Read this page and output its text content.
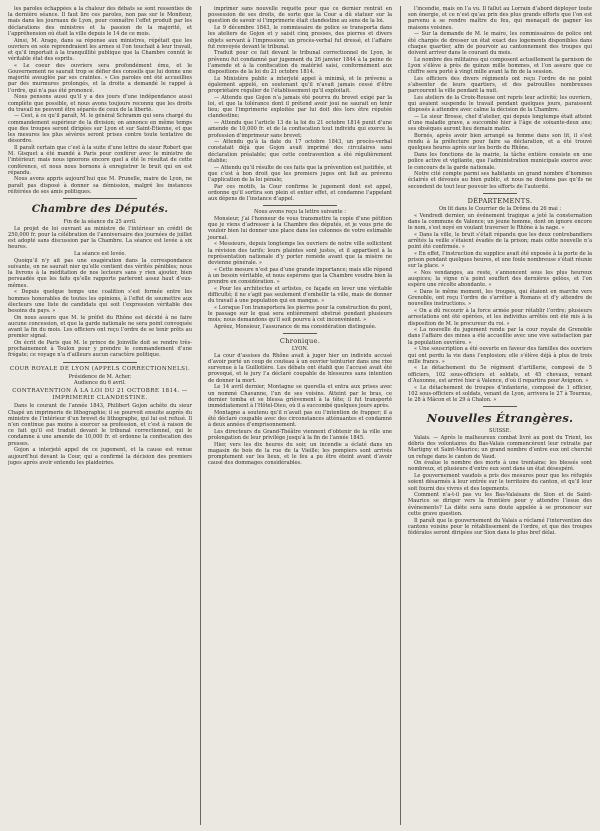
les paroles échappées à la chaleur des débats se sont ressenties de la dernière séance. Il faut lire ces paroles, non pas sur le Moniteur, mais dans les journaux de Lyon, pour connaître l’effet produit par les déclarations des ministres et la passion de la majorité, et l’appréhension où était la ville depuis le 14 de ce mois.

Ainsi, M. Arago, dans sa réponse aux ministres, répétait que les ouvriers en soie reprendraient les armes si l’on touchait à leur travail, et qu’il importait à la tranquillité publique que la Chambre connût le véritable état des esprits.

« Le coeur des ouvriers sera profondément ému, et le Gouvernement ne saurait trop se défier des conseils que lui donne une majorité aveuglée par ses craintes. » Ces paroles ont été accueillies par des murmures prolongés, et la droite a demandé le rappel à l’ordre, qui n’a pas été prononcé.

Nous pensons aussi qu’il y a des jours d’une indépendance aussi complète que possible, et nous avons toujours reconnu que les droits du travail ne peuvent être séparés de ceux de la liberté.

— Cest, à ce qu’il paraît, M. le général Schramm qui sera chargé du commandement supérieur de la division; on annonce en même temps que des troupes seront dirigées sur Lyon et sur Saint-Étienne, et que les mesures les plus sévères seront prises contre toute tentative de désordre.

Il paraît certain que c’est à la suite d’une lettre du sieur Robert que M. Gisquet a été mandé à Paris pour conférer avec le ministre de l’intérieur; mais nous ignorons encore quel a été le résultat de cette conférence, et nous nous bornons à enregistrer le bruit qui en est répandu.

Nous avons appris aujourd’hui que M. Prunelle, maire de Lyon, ne paraît pas disposé à donner sa démission, malgré les instances réitérées de ses amis politiques.

Chambre des Députés.

Fin de la séance du 25 avril.

Le projet de loi ouvrant au ministre de l’intérieur un crédit de 250,000 fr. pour la célébration de l’anniversaire des journées de juillet est adopté sans discussion par la Chambre. La séance est levée à six heures.

La séance est levée.

Quoiqu’il n’y ait pas une exagération dans la correspondance suivante, on ne saurait nier qu’elle contient des vérités pénibles; nous la livrons à la méditation de nos lecteurs sans y rien ajouter, bien persuadés que les faits qu’elle rapporte parleront assez haut d’eux-mêmes.

« Depuis quelque temps une coalition s’est formée entre les hommes honorables de toutes les opinions, à l’effet de soumettre aux électeurs une liste de candidats qui soit l’expression véritable des besoins du pays. »

On nous assure que M. le préfet du Rhône est décidé à ne faire aucune concession, et que la garde nationale ne sera point convoquée avant la fin du mois. Les officiers ont reçu l’ordre de se tenir prêts au premier signal.

On écrit de Paris que M. le prince de Joinville doit se rendre très-prochainement à Toulon pour y prendre le commandement d’une frégate; ce voyage n’a d’ailleurs aucun caractère politique.

COUR ROYALE DE LYON (APPELS CORRECTIONNELS).

Présidence de M. Acher.

Audience du 6 avril.

CONTRAVENTION À LA LOI DU 21 OCTOBRE 1814. — IMPRIMERIE CLANDESTINE.

Dans le courant de l’année 1843, Philibert Gojon achète du sieur Chapé un imprimerie de lithographie; il se pourvoit ensuite auprès du ministre de l’intérieur d’un brevet de lithographe, qui lui est refusé. Il n’en continue pas moins à exercer sa profession, et c’est à raison de ce fait qu’il est traduit devant le tribunal correctionnel, qui le condamne à une amende de 10,000 fr. et ordonne la confiscation des presses.

Gojon a interjeté appel de ce jugement, et la cause est venue aujourd’hui devant la Cour, qui a confirmé la décision des premiers juges après avoir entendu les plaidoiries.

imprimer sans nouvelle requête pour que ce dernier rentrât en possession de ses droits, de sorte que la Cour a dû statuer sur la question de savoir si l’imprimerie était clandestine au sens de la loi.

Le 9 décembre 1843, le commissaire de police se transporta dans les ateliers de Gojon et y saisit cinq presses, des pierres et divers objets servant à l’impression; un procès-verbal fut dressé, et l’affaire fut renvoyée devant le tribunal.

Traduit pour ce fait devant le tribunal correctionnel de Lyon, le prévenu fut condamné par jugement du 26 janvier 1844 à la peine de l’amende et à la confiscation du matériel saisi, conformément aux dispositions de la loi du 21 octobre 1814.

Le Ministère public a interjeté appel à minimâ, et le prévenu a également appelé, en soutenant qu’il n’avait jamais cessé d’être propriétaire régulier de l’établissement qu’il exploitait.

— Attendu que Gojon n’a jamais été pourvu du brevet exigé par la loi, et que la tolérance dont il prétend avoir joui ne saurait en tenir lieu; que l’imprimerie exploitée par lui doit dès lors être réputée clandestine;

— Attendu que l’article 13 de la loi du 21 octobre 1814 punit d’une amende de 10,000 fr. et de la confiscation tout individu qui exerce la profession d’imprimeur sans brevet;

— Attendu qu’à la date du 17 octobre 1843, un procès-verbal constatait déjà que Gojon avait imprimé des circulaires sans déclaration préalable; que cette contravention a été régulièrement établie;

— Attendu qu’il résulte de ces faits que la prévention est justifiée, et que c’est à bon droit que les premiers juges ont fait au prévenu l’application de la loi pénale;

Par ces motifs, la Cour confirme le jugement dont est appel, ordonne qu’il sortira son plein et entier effet, et condamne l’appelant aux dépens de l’instance d’appel.

Nous avons reçu la lettre suivante :

Monsieur, j’ai l’honneur de vous transmettre la copie d’une pétition que je viens d’adresser à la Chambre des députés, et je vous prie de vouloir bien lui donner une place dans les colonnes de votre estimable journal.

« Messieurs, depuis longtemps les ouvriers de notre ville sollicitent la révision des tarifs; leurs plaintes sont justes, et il appartient à la représentation nationale d’y porter remède avant que la misère ne devienne générale. »

« Cette mesure n’est pas d’une grande importance; mais elle répond à un besoin véritable, et nous espérons que la Chambre voudra bien la prendre en considération. »

« Pour les architectes et artistes, ce façade en lever une véritable difficulté; il ne s’agit pas seulement d’embellir la ville, mais de donner du travail à une population qui en manque. »

« Lorsque l’on transportera les pierres pour la construction du pont, le passage sur le quai sera entièrement obstrué pendant plusieurs mois; nous demandons qu’il soit pourvu à cet inconvénient. »

Agréez, Monsieur, l’assurance de ma considération distinguée.

Chronique.

LYON.

La cour d’assises du Rhône avait à juger hier un individu accusé d’avoir porté un coup de couteau à un ouvrier teinturier dans une rixe survenue à la Guillotière. Les débats ont établi que l’accusé avait été provoqué, et le jury l’a déclaré coupable de blessures sans intention de donner la mort.

Le 14 avril dernier, Montagne se querella et entra aux prises avec un nommé Chavanne, l’un de ses voisins. Atteint par le bras, ce dernier tomba et se blessa grièvement à la tête; il fut transporté immédiatement à l’Hôtel-Dieu, où il a succombé quelques jours après.

Montagne a soutenu qu’il n’avait pas eu l’intention de frapper; il a été déclaré coupable avec des circonstances atténuantes et condamné à deux années d’emprisonnement.

Les directeurs du Grand-Théâtre viennent d’obtenir de la ville une prolongation de leur privilège jusqu’à la fin de l’année 1845.

Hier, vers les dix heures du soir, un incendie a éclaté dans un magasin de bois de la rue de la Vieille; les pompiers sont arrivés promptement sur les lieux, et le feu a pu être éteint avant d’avoir causé des dommages considérables.

l’incendie, mais on l’a vu. Il fallut au Lorrain d’abord déployer toute son énergie, et ce n’est qu’au prix des plus grands efforts que l’on est parvenu à se rendre maître du feu, qui menaçait de gagner les maisons voisines.

— Sur la demande de M. le maire, les commissaires de police ont été chargés de dresser un état exact des logements disponibles dans chaque quartier, afin de pourvoir au cantonnement des troupes qui doivent arriver dans le courant du mois.

Le nombre des militaires qui composent actuellement la garnison de Lyon s’élève à près de quinze mille hommes, et l’on assure que ce chiffre sera porté à vingt mille avant la fin de la session.

Les officiers des divers régiments ont reçu l’ordre de ne point s’absenter de leurs quartiers, et des patrouilles nombreuses parcourent la ville pendant la nuit.

Les ateliers de la Croix-Rousse ont repris leur activité; les ouvriers, qui avaient suspendu le travail pendant quelques jours, paraissent disposés à attendre avec calme la décision de la Chambre.

— Le sieur Brosse, chef d’atelier, qui depuis longtemps était atteint d’une maladie grave, a succombé hier à l’âge de soixante-deux ans; ses obsèques auront lieu demain matin.

Bornés, après avoir bien arrangé sa femme dans son lit, il s’est rendu à la préfecture pour faire sa déclaration, et a été trouvé quelques heures après sur les bords du Rhône.

Dans les fonctions de la mairie, la tâche entière consiste en une police active et vigilante, que l’administration municipale exerce avec le concours de la garde nationale.

Notre cité compte parmi ses habitants un grand nombre d’hommes éclairés et dévoués au bien public, et nous ne doutons pas qu’ils ne secondent de tout leur pouvoir les efforts de l’autorité.

DÉPARTEMENTS.

On lit dans le Courrier de la Drôme du 26 mai :

« Vendredi dernier, un événement tragique a jeté la consternation dans la commune de Valence; un jeune homme, dont on ignore encore le nom, s’est noyé en voulant traverser le Rhône à la nage. »

« Dans la ville, le bruit s’était répandu que les deux contrebandiers arrêtés la veille s’étaient évadés de la prison; mais cette nouvelle n’a point été confirmée. »

« En effet, l’instruction du supplice avait été exposée à la porte de la prison pendant quelques heures, et une foule nombreuse s’était réunie sur la place. »

« Nos vendanges, au reste, s’annoncent sous les plus heureux auspices; la vigne n’a point souffert des dernières gelées, et l’on espère une récolte abondante. »

« Dans le même moment, les troupes, qui étaient en marche vers Grenoble, ont reçu l’ordre de s’arrêter à Romans et d’y attendre de nouvelles instructions. »

« On a dû recourir à la force armée pour rétablir l’ordre; plusieurs arrestations ont été opérées, et les individus arrêtés ont été mis à la disposition de M. le procureur du roi. »

« La nouvelle du jugement rendu par la cour royale de Grenoble dans l’affaire des mines a été accueillie avec une vive satisfaction par la population ouvrière. »

« Une souscription a été ouverte en faveur des familles des ouvriers qui ont perdu la vie dans l’explosion; elle s’élève déjà à plus de trois mille francs. »

« Le détachement du 5e régiment d’artillerie, composé de 5 officiers, 102 sous-officiers et soldats, et 45 chevaux, venant d’Auxonne, est arrivé hier à Valence, d’où il repartira pour Avignon. »

« Le détachement de troupes d’infanterie, composé de 1 officier, 102 sous-officiers et soldats, venant de Lyon, arrivera le 27 à Tournus, le 28 à Mâcon et le 29 à Chalon. »

Nouvelles Étrangères.

SUISSE.

Valais. — Après le malheureux combat livré au pont du Trient, les débris des volontaires du Bas-Valais commencèrent leur retraite par Martigny et Saint-Maurice; un grand nombre d’entre eux ont cherché un refuge dans le canton de Vaud.

On évalue le nombre des morts à une trentaine; les blessés sont nombreux, et plusieurs d’entre eux sont dans un état désespéré.

Le gouvernement vaudois a pris des mesures pour que les réfugiés soient désarmés à leur entrée sur le territoire du canton, et qu’il leur soit fourni des vivres et des logements.

Comment n’a-t-il pas vu les Bas-Valaisans de Sion et de Saint-Maurice se diriger vers la frontière pour y attendre l’issue des événements? La diète sera sans doute appelée à se prononcer sur cette grave question.

Il paraît que le gouvernement du Valais a réclamé l’intervention des cantons voisins pour le rétablissement de l’ordre, et que des troupes fédérales seront dirigées sur Sion dans le plus bref délai.
